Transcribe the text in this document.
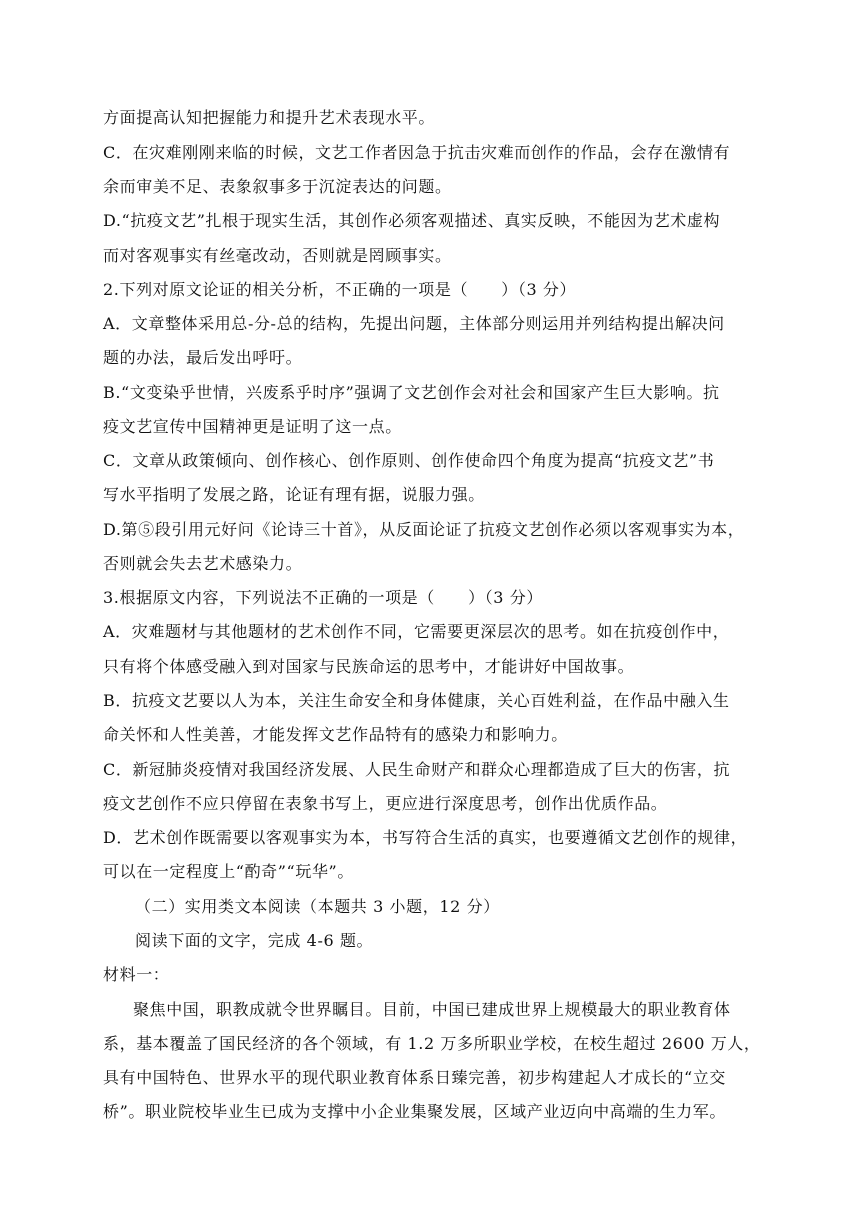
方面提高认知把握能力和提升艺术表现水平。
C．在灾难刚刚来临的时候，文艺工作者因急于抗击灾难而创作的作品，会存在激情有
余而审美不足、表象叙事多于沉淀表达的问题。
D.“抗疫文艺”扎根于现实生活，其创作必须客观描述、真实反映，不能因为艺术虚构
而对客观事实有丝毫改动，否则就是罔顾事实。
2.下列对原文论证的相关分析，不正确的一项是（　　）（3 分）
A．文章整体采用总-分-总的结构，先提出问题，主体部分则运用并列结构提出解决问
题的办法，最后发出呼吁。
B.“文变染乎世情，兴废系乎时序”强调了文艺创作会对社会和国家产生巨大影响。抗
疫文艺宣传中国精神更是证明了这一点。
C．文章从政策倾向、创作核心、创作原则、创作使命四个角度为提高“抗疫文艺”书
写水平指明了发展之路，论证有理有据，说服力强。
D.第⑤段引用元好问《论诗三十首》，从反面论证了抗疫文艺创作必须以客观事实为本，
否则就会失去艺术感染力。
3.根据原文内容，下列说法不正确的一项是（　　）（3 分）
A．灾难题材与其他题材的艺术创作不同，它需要更深层次的思考。如在抗疫创作中，
只有将个体感受融入到对国家与民族命运的思考中，才能讲好中国故事。
B．抗疫文艺要以人为本，关注生命安全和身体健康，关心百姓利益，在作品中融入生
命关怀和人性美善，才能发挥文艺作品特有的感染力和影响力。
C．新冠肺炎疫情对我国经济发展、人民生命财产和群众心理都造成了巨大的伤害，抗
疫文艺创作不应只停留在表象书写上，更应进行深度思考，创作出优质作品。
D．艺术创作既需要以客观事实为本，书写符合生活的真实，也要遵循文艺创作的规律，
可以在一定程度上“酌奇”“玩华”。
（二）实用类文本阅读（本题共 3 小题，12 分）
阅读下面的文字，完成 4-6 题。
材料一：
聚焦中国，职教成就令世界瞩目。目前，中国已建成世界上规模最大的职业教育体
系，基本覆盖了国民经济的各个领域，有 1.2 万多所职业学校，在校生超过 2600 万人，
具有中国特色、世界水平的现代职业教育体系日臻完善，初步构建起人才成长的“立交
桥”。职业院校毕业生已成为支撑中小企业集聚发展，区域产业迈向中高端的生力军。
